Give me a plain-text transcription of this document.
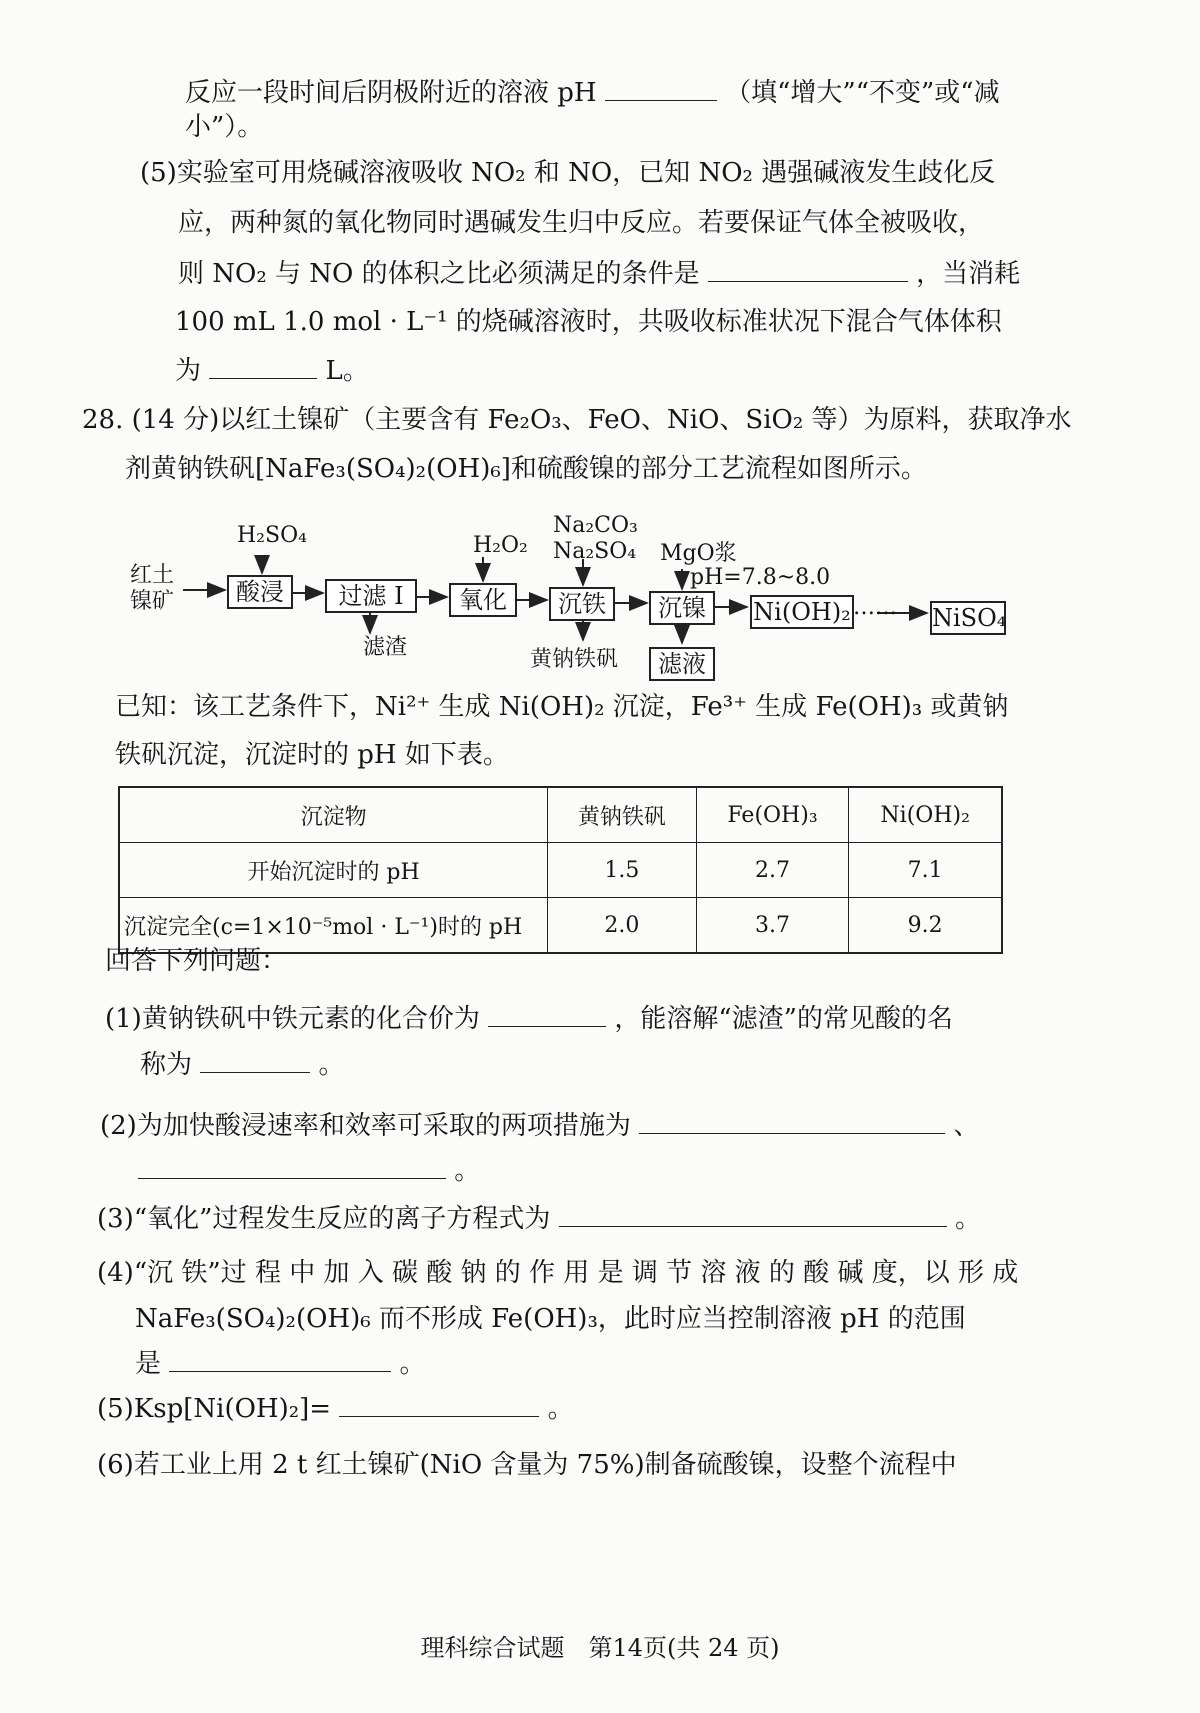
反应一段时间后阴极附近的溶液 pH	（填“增大”“不变”或“减
小”）。
(5)实验室可用烧碱溶液吸收 NO₂ 和 NO，已知 NO₂ 遇强碱液发生歧化反
应，两种氮的氧化物同时遇碱发生归中反应。若要保证气体全被吸收，
则 NO₂ 与 NO 的体积之比必须满足的条件是	，当消耗
100 mL 1.0 mol · L⁻¹ 的烧碱溶液时，共吸收标准状况下混合气体体积
为	L。
28. (14 分)以红土镍矿（主要含有 Fe₂O₃、FeO、NiO、SiO₂ 等）为原料，获取净水
剂黄钠铁矾[NaFe₃(SO₄)₂(OH)₆]和硫酸镍的部分工艺流程如图所示。
红土
镍矿
H₂SO₄
酸浸	过滤 I
滤渣
H₂O₂
氧化
Na₂CO₃
Na₂SO₄
沉铁
黄钠铁矾
MgO浆
pH=7.8~8.0
沉镍
滤液
Ni(OH)₂ …… NiSO₄
已知：该工艺条件下，Ni²⁺ 生成 Ni(OH)₂ 沉淀，Fe³⁺ 生成 Fe(OH)₃ 或黄钠
铁矾沉淀，沉淀时的 pH 如下表。
沉淀物	黄钠铁矾	Fe(OH)₃	Ni(OH)₂
开始沉淀时的 pH	1.5	2.7	7.1
沉淀完全(c=1×10⁻⁵mol · L⁻¹)时的 pH	2.0	3.7	9.2
回答下列问题：
(1)黄钠铁矾中铁元素的化合价为	，能溶解“滤渣”的常见酸的名
称为	。
(2)为加快酸浸速率和效率可采取的两项措施为	、
。
(3)“氧化”过程发生反应的离子方程式为	。
(4)“沉 铁”过 程 中 加 入 碳 酸 钠 的 作 用 是 调 节 溶 液 的 酸 碱 度，以 形 成
NaFe₃(SO₄)₂(OH)₆ 而不形成 Fe(OH)₃，此时应当控制溶液 pH 的范围
是	。
(5)Ksp[Ni(OH)₂]=	。
(6)若工业上用 2 t 红土镍矿(NiO 含量为 75%)制备硫酸镍，设整个流程中
理科综合试题　第14页(共 24 页)
